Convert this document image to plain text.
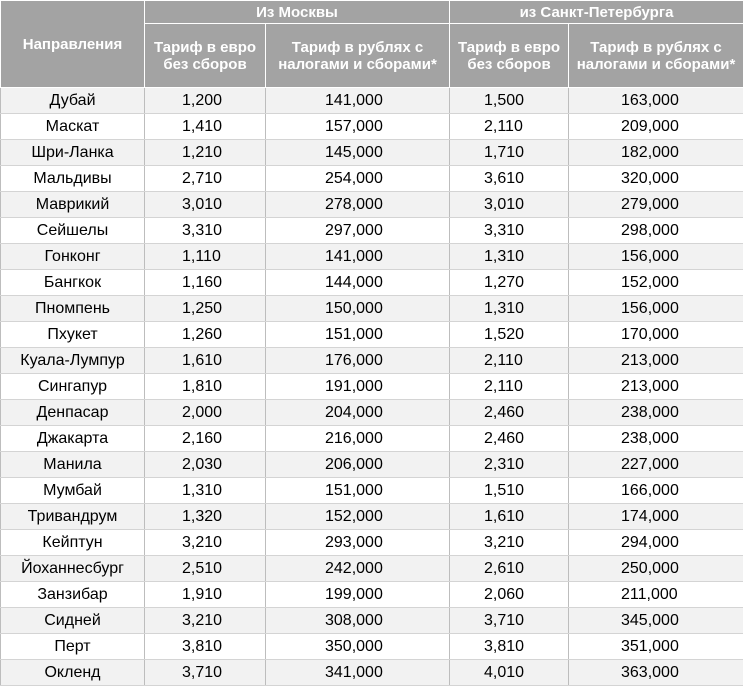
Направления	Из Москвы		из Санкт-Петербурга	
	Тариф в евро без сборов	Тариф в рублях с налогами и сборами*	Тариф в евро без сборов	Тариф в рублях с налогами и сборами*
Дубай	1,200	141,000	1,500	163,000
Маскат	1,410	157,000	2,110	209,000
Шри-Ланка	1,210	145,000	1,710	182,000
Мальдивы	2,710	254,000	3,610	320,000
Маврикий	3,010	278,000	3,010	279,000
Сейшелы	3,310	297,000	3,310	298,000
Гонконг	1,110	141,000	1,310	156,000
Бангкок	1,160	144,000	1,270	152,000
Пномпень	1,250	150,000	1,310	156,000
Пхукет	1,260	151,000	1,520	170,000
Куала-Лумпур	1,610	176,000	2,110	213,000
Сингапур	1,810	191,000	2,110	213,000
Денпасар	2,000	204,000	2,460	238,000
Джакарта	2,160	216,000	2,460	238,000
Манила	2,030	206,000	2,310	227,000
Мумбай	1,310	151,000	1,510	166,000
Тривандрум	1,320	152,000	1,610	174,000
Кейптун	3,210	293,000	3,210	294,000
Йоханнесбург	2,510	242,000	2,610	250,000
Занзибар	1,910	199,000	2,060	211,000
Сидней	3,210	308,000	3,710	345,000
Перт	3,810	350,000	3,810	351,000
Окленд	3,710	341,000	4,010	363,000
